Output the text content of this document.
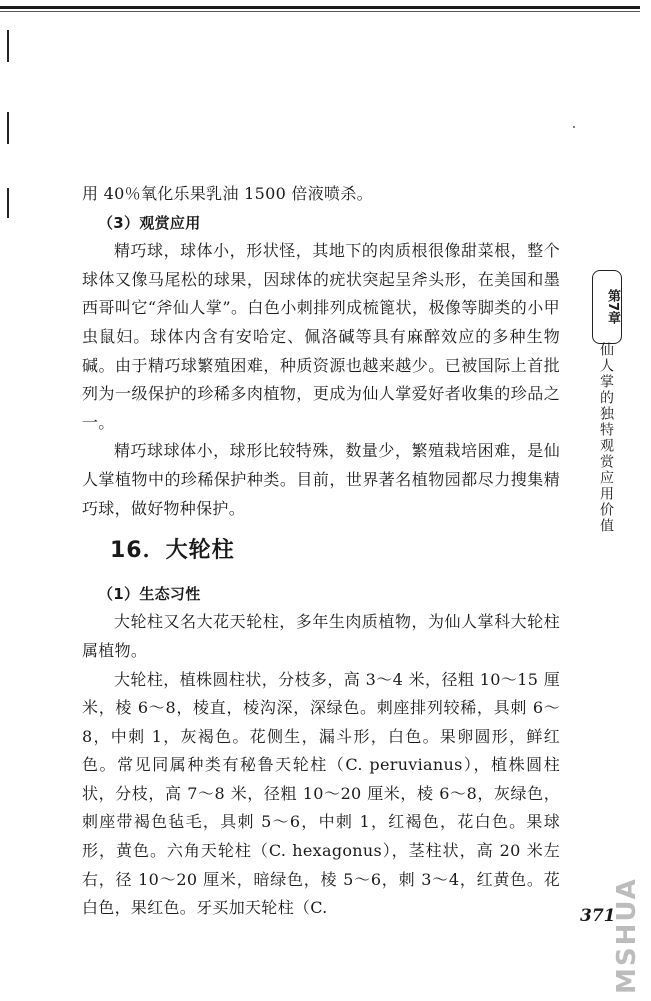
用 40％氧化乐果乳油 1500 倍液喷杀。

（3）观赏应用

精巧球，球体小，形状怪，其地下的肉质根很像甜菜根，整个球体又像马尾松的球果，因球体的疣状突起呈斧头形，在美国和墨西哥叫它“斧仙人掌”。白色小刺排列成梳篦状，极像等脚类的小甲虫鼠妇。球体内含有安哈定、佩洛碱等具有麻醉效应的多种生物碱。由于精巧球繁殖困难，种质资源也越来越少。已被国际上首批列为一级保护的珍稀多肉植物，更成为仙人掌爱好者收集的珍品之一。

精巧球球体小，球形比较特殊，数量少，繁殖栽培困难，是仙人掌植物中的珍稀保护种类。目前，世界著名植物园都尽力搜集精巧球，做好物种保护。

16．大轮柱

（1）生态习性

大轮柱又名大花天轮柱，多年生肉质植物，为仙人掌科大轮柱属植物。

大轮柱，植株圆柱状，分枝多，高 3～4 米，径粗 10～15 厘米，棱 6～8，棱直，棱沟深，深绿色。刺座排列较稀，具刺 6～8，中刺 1，灰褐色。花侧生，漏斗形，白色。果卵圆形，鲜红色。常见同属种类有秘鲁天轮柱（C. peruvianus），植株圆柱状，分枝，高 7～8 米，径粗 10～20 厘米，棱 6～8，灰绿色，刺座带褐色毡毛，具刺 5～6，中刺 1，红褐色，花白色。果球形，黄色。六角天轮柱（C. hexagonus），茎柱状，高 20 米左右，径 10～20 厘米，暗绿色，棱 5～6，刺 3～4，红黄色。花白色，果红色。牙买加天轮柱（C.

第7章
仙人掌的独特观赏应用价值
371
MSHUA
